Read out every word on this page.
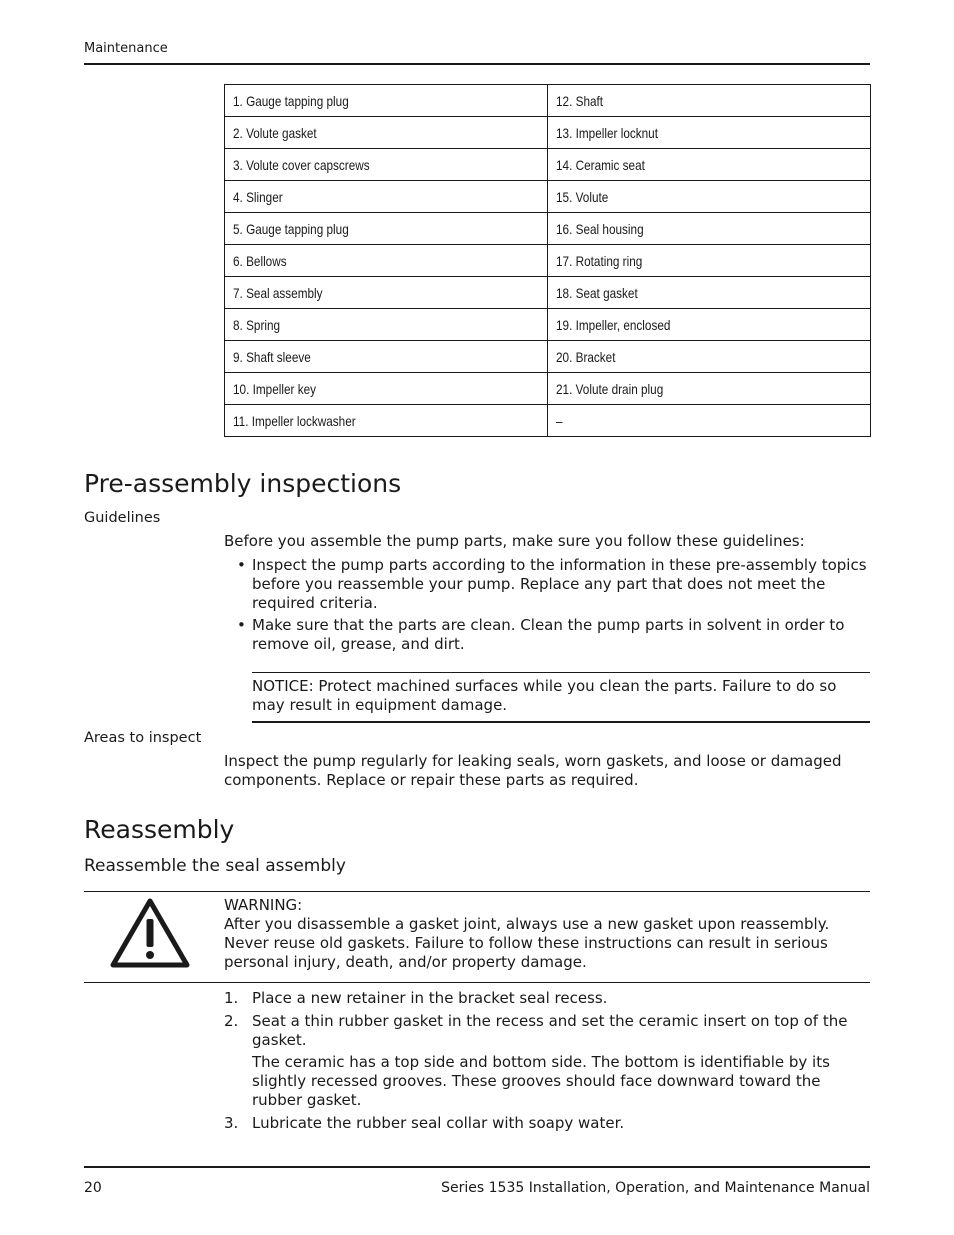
Maintenance
1. Gauge tapping plug	12. Shaft
2. Volute gasket	13. Impeller locknut
3. Volute cover capscrews	14. Ceramic seat
4. Slinger	15. Volute
5. Gauge tapping plug	16. Seal housing
6. Bellows	17. Rotating ring
7. Seal assembly	18. Seat gasket
8. Spring	19. Impeller, enclosed
9. Shaft sleeve	20. Bracket
10. Impeller key	21. Volute drain plug
11. Impeller lockwasher	–
Pre-assembly inspections
Guidelines
Before you assemble the pump parts, make sure you follow these guidelines:
• Inspect the pump parts according to the information in these pre-assembly topics before you reassemble your pump. Replace any part that does not meet the required criteria.
• Make sure that the parts are clean. Clean the pump parts in solvent in order to remove oil, grease, and dirt.
NOTICE: Protect machined surfaces while you clean the parts. Failure to do so may result in equipment damage.
Areas to inspect
Inspect the pump regularly for leaking seals, worn gaskets, and loose or damaged components. Replace or repair these parts as required.
Reassembly
Reassemble the seal assembly
WARNING:
After you disassemble a gasket joint, always use a new gasket upon reassembly. Never reuse old gaskets. Failure to follow these instructions can result in serious personal injury, death, and/or property damage.
1. Place a new retainer in the bracket seal recess.
2. Seat a thin rubber gasket in the recess and set the ceramic insert on top of the gasket.
The ceramic has a top side and bottom side. The bottom is identifiable by its slightly recessed grooves. These grooves should face downward toward the rubber gasket.
3. Lubricate the rubber seal collar with soapy water.
20	Series 1535 Installation, Operation, and Maintenance Manual
